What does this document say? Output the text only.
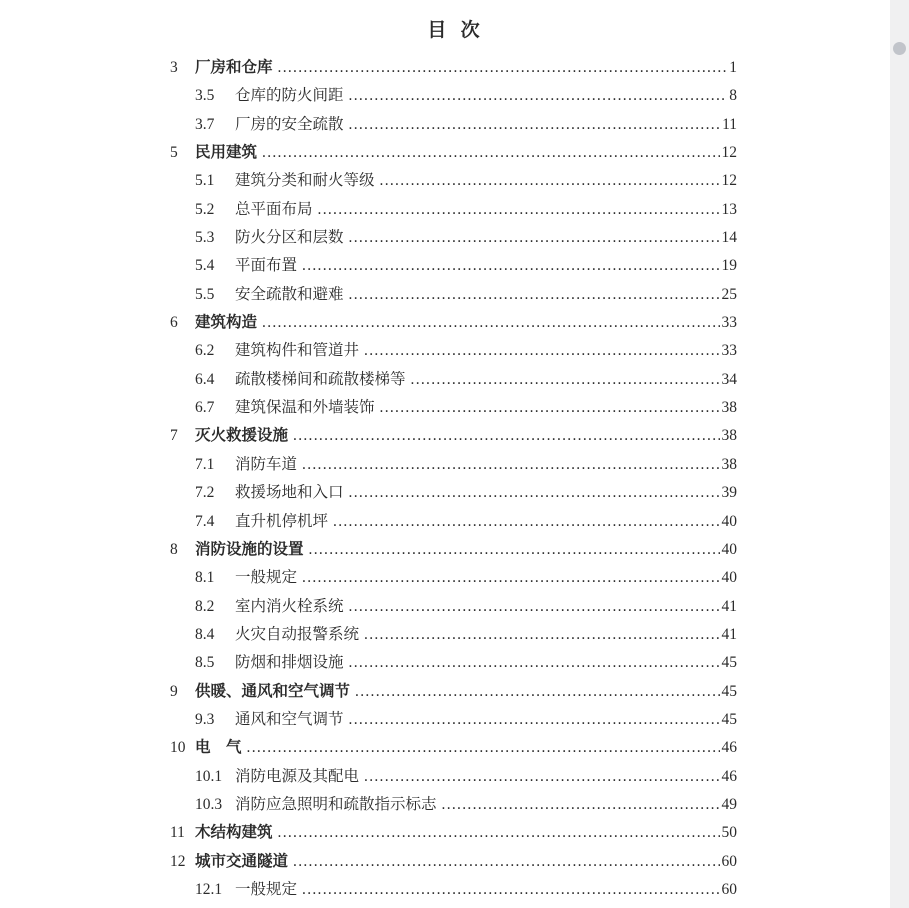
目 次
3	厂房和仓库 .....	1
3.5	仓库的防火间距 .....	8
3.7	厂房的安全疏散 .....	11
5	民用建筑 .....	12
5.1	建筑分类和耐火等级 .....	12
5.2	总平面布局 .....	13
5.3	防火分区和层数 .....	14
5.4	平面布置 .....	19
5.5	安全疏散和避难 .....	25
6	建筑构造 .....	33
6.2	建筑构件和管道井 .....	33
6.4	疏散楼梯间和疏散楼梯等 .....	34
6.7	建筑保温和外墙装饰 .....	38
7	灭火救援设施 .....	38
7.1	消防车道 .....	38
7.2	救援场地和入口 .....	39
7.4	直升机停机坪 .....	40
8	消防设施的设置 .....	40
8.1	一般规定 .....	40
8.2	室内消火栓系统 .....	41
8.4	火灾自动报警系统 .....	41
8.5	防烟和排烟设施 .....	45
9	供暖、通风和空气调节 .....	45
9.3	通风和空气调节 .....	45
10 电　气 .....	46
10.1 消防电源及其配电 .....	46
10.3 消防应急照明和疏散指示标志 .....	49
11 木结构建筑 .....	50
12 城市交通隧道 .....	60
12.1 一般规定 .....	60
